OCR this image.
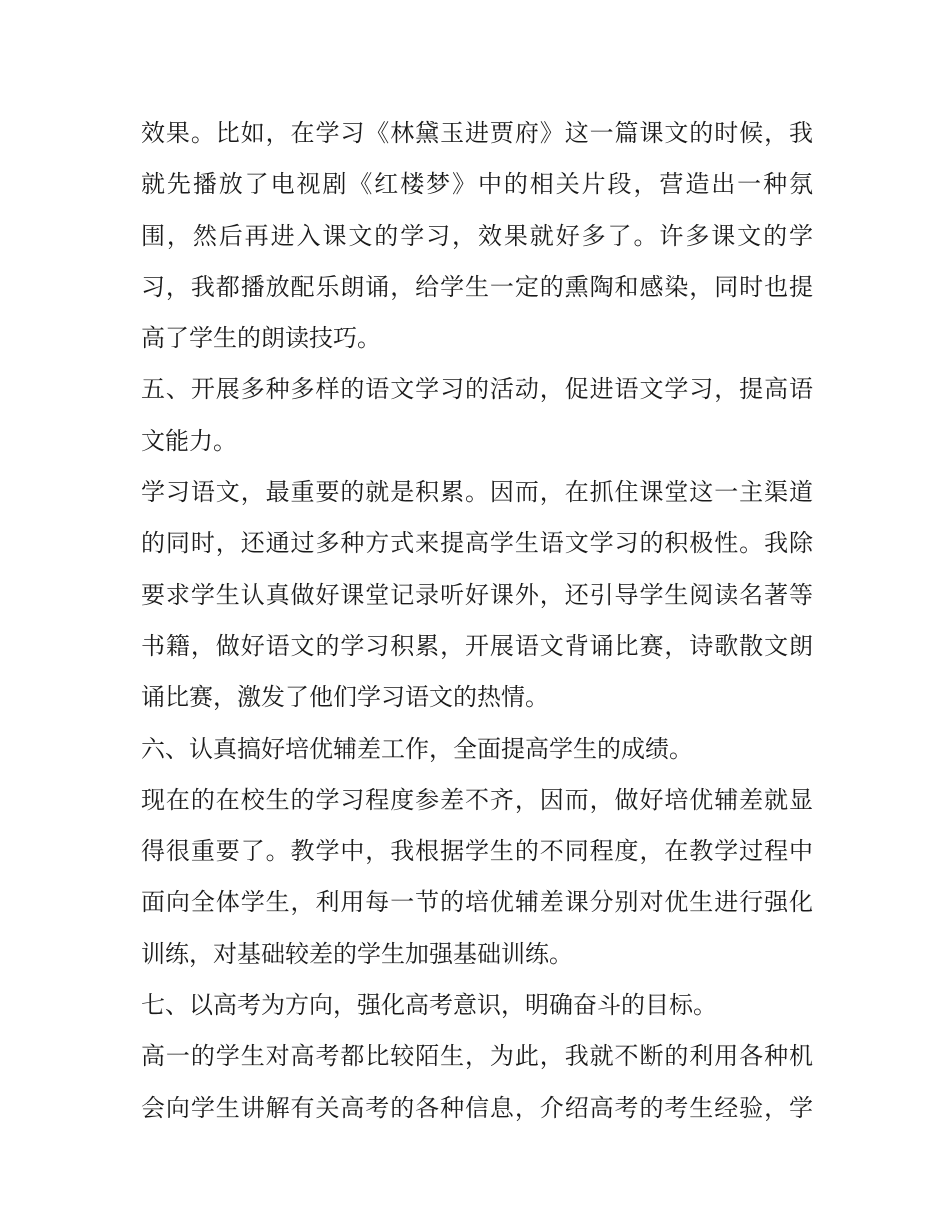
效果。比如，在学习《林黛玉进贾府》这一篇课文的时候，我
就先播放了电视剧《红楼梦》中的相关片段，营造出一种氛
围，然后再进入课文的学习，效果就好多了。许多课文的学
习，我都播放配乐朗诵，给学生一定的熏陶和感染，同时也提
高了学生的朗读技巧。
五、开展多种多样的语文学习的活动，促进语文学习，提高语
文能力。
学习语文，最重要的就是积累。因而，在抓住课堂这一主渠道
的同时，还通过多种方式来提高学生语文学习的积极性。我除
要求学生认真做好课堂记录听好课外，还引导学生阅读名著等
书籍，做好语文的学习积累，开展语文背诵比赛，诗歌散文朗
诵比赛，激发了他们学习语文的热情。
六、认真搞好培优辅差工作，全面提高学生的成绩。
现在的在校生的学习程度参差不齐，因而，做好培优辅差就显
得很重要了。教学中，我根据学生的不同程度，在教学过程中
面向全体学生，利用每一节的培优辅差课分别对优生进行强化
训练，对基础较差的学生加强基础训练。
七、以高考为方向，强化高考意识，明确奋斗的目标。
高一的学生对高考都比较陌生，为此，我就不断的利用各种机
会向学生讲解有关高考的各种信息，介绍高考的考生经验，学
